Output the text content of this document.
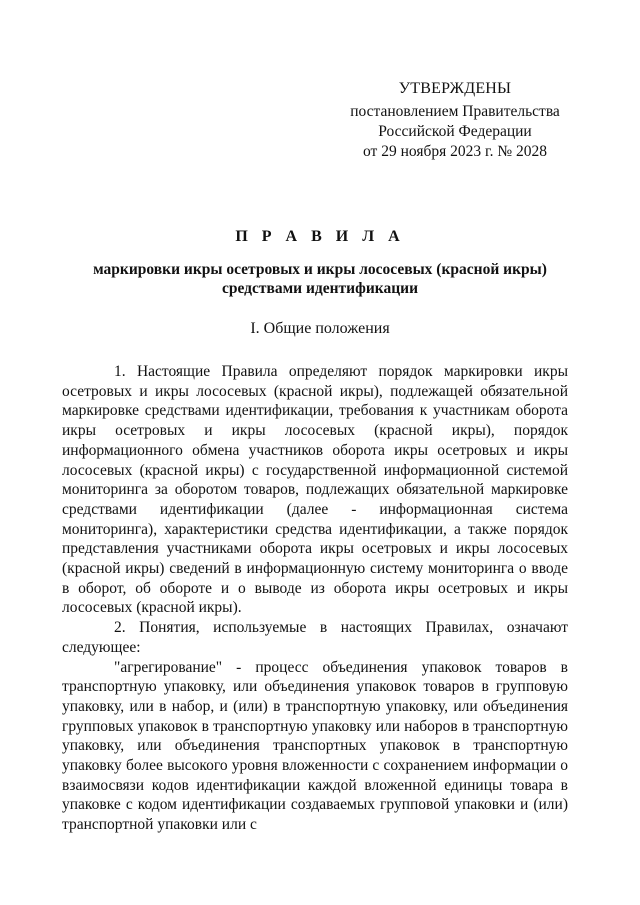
УТВЕРЖДЕНЫ
постановлением Правительства
Российской Федерации
от 29 ноября 2023 г. № 2028
П Р А В И Л А
маркировки икры осетровых и икры лососевых (красной икры) средствами идентификации
I. Общие положения

1. Настоящие Правила определяют порядок маркировки икры осетровых и икры лососевых (красной икры), подлежащей обязательной маркировке средствами идентификации, требования к участникам оборота икры осетровых и икры лососевых (красной икры), порядок информационного обмена участников оборота икры осетровых и икры лососевых (красной икры) с государственной информационной системой мониторинга за оборотом товаров, подлежащих обязательной маркировке средствами идентификации (далее - информационная система мониторинга), характеристики средства идентификации, а также порядок представления участниками оборота икры осетровых и икры лососевых (красной икры) сведений в информационную систему мониторинга о вводе в оборот, об обороте и о выводе из оборота икры осетровых и икры лососевых (красной икры).

2. Понятия, используемые в настоящих Правилах, означают следующее:

"агрегирование" - процесс объединения упаковок товаров в транспортную упаковку, или объединения упаковок товаров в групповую упаковку, или в набор, и (или) в транспортную упаковку, или объединения групповых упаковок в транспортную упаковку или наборов в транспортную упаковку, или объединения транспортных упаковок в транспортную упаковку более высокого уровня вложенности с сохранением информации о взаимосвязи кодов идентификации каждой вложенной единицы товара в упаковке с кодом идентификации создаваемых групповой упаковки и (или) транспортной упаковки или с
